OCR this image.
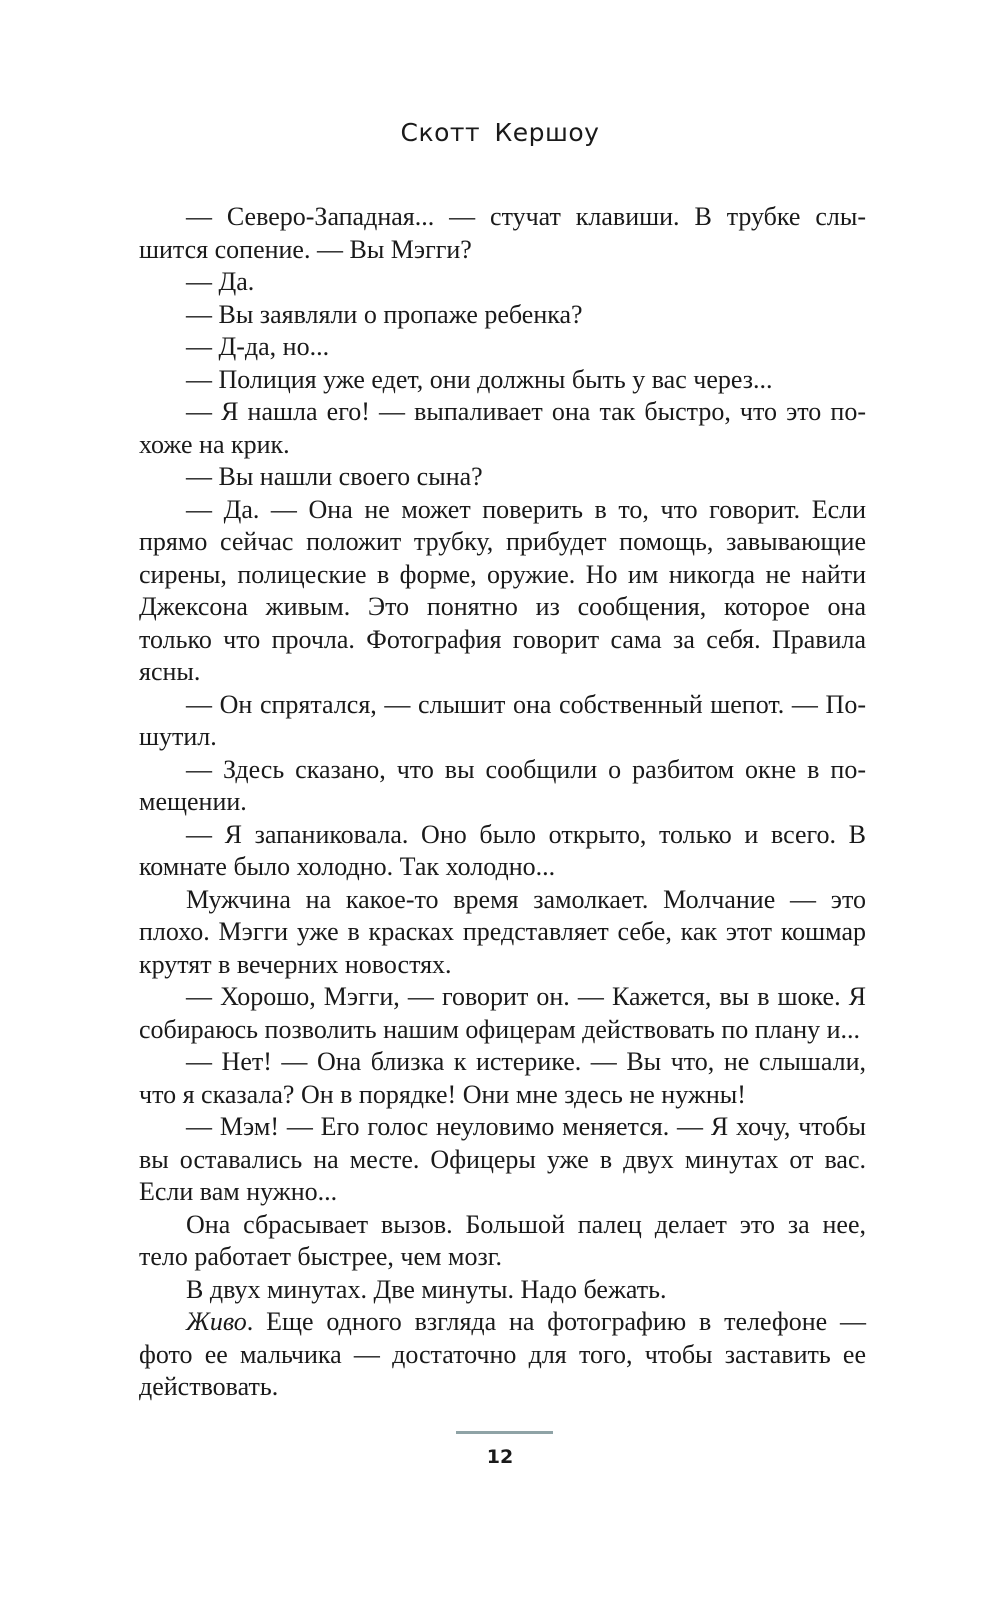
Скотт Кершоу

— Северо-Западная... — стучат клавиши. В трубке слышится сопение. — Вы Мэгги?

— Да.

— Вы заявляли о пропаже ребенка?

— Д-да, но...

— Полиция уже едет, они должны быть у вас через...

— Я нашла его! — выпаливает она так быстро, что это похоже на крик.

— Вы нашли своего сына?

— Да. — Она не может поверить в то, что говорит. Если прямо сейчас положит трубку, прибудет помощь, завывающие сирены, полицеские в форме, оружие. Но им никогда не найти Джексона живым. Это понятно из сообщения, которое она только что прочла. Фотография говорит сама за себя. Правила ясны.

— Он спрятался, — слышит она собственный шепот. — Пошутил.

— Здесь сказано, что вы сообщили о разбитом окне в помещении.

— Я запаниковала. Оно было открыто, только и всего. В комнате было холодно. Так холодно...

Мужчина на какое-то время замолкает. Молчание — это плохо. Мэгги уже в красках представляет себе, как этот кошмар крутят в вечерних новостях.

— Хорошо, Мэгги, — говорит он. — Кажется, вы в шоке. Я собираюсь позволить нашим офицерам действовать по плану и...

— Нет! — Она близка к истерике. — Вы что, не слышали, что я сказала? Он в порядке! Они мне здесь не нужны!

— Мэм! — Его голос неуловимо меняется. — Я хочу, чтобы вы оставались на месте. Офицеры уже в двух минутах от вас. Если вам нужно...

Она сбрасывает вызов. Большой палец делает это за нее, тело работает быстрее, чем мозг.

В двух минутах. Две минуты. Надо бежать.

Живо. Еще одного взгляда на фотографию в телефоне — фото ее мальчика — достаточно для того, чтобы заставить ее действовать.

12
